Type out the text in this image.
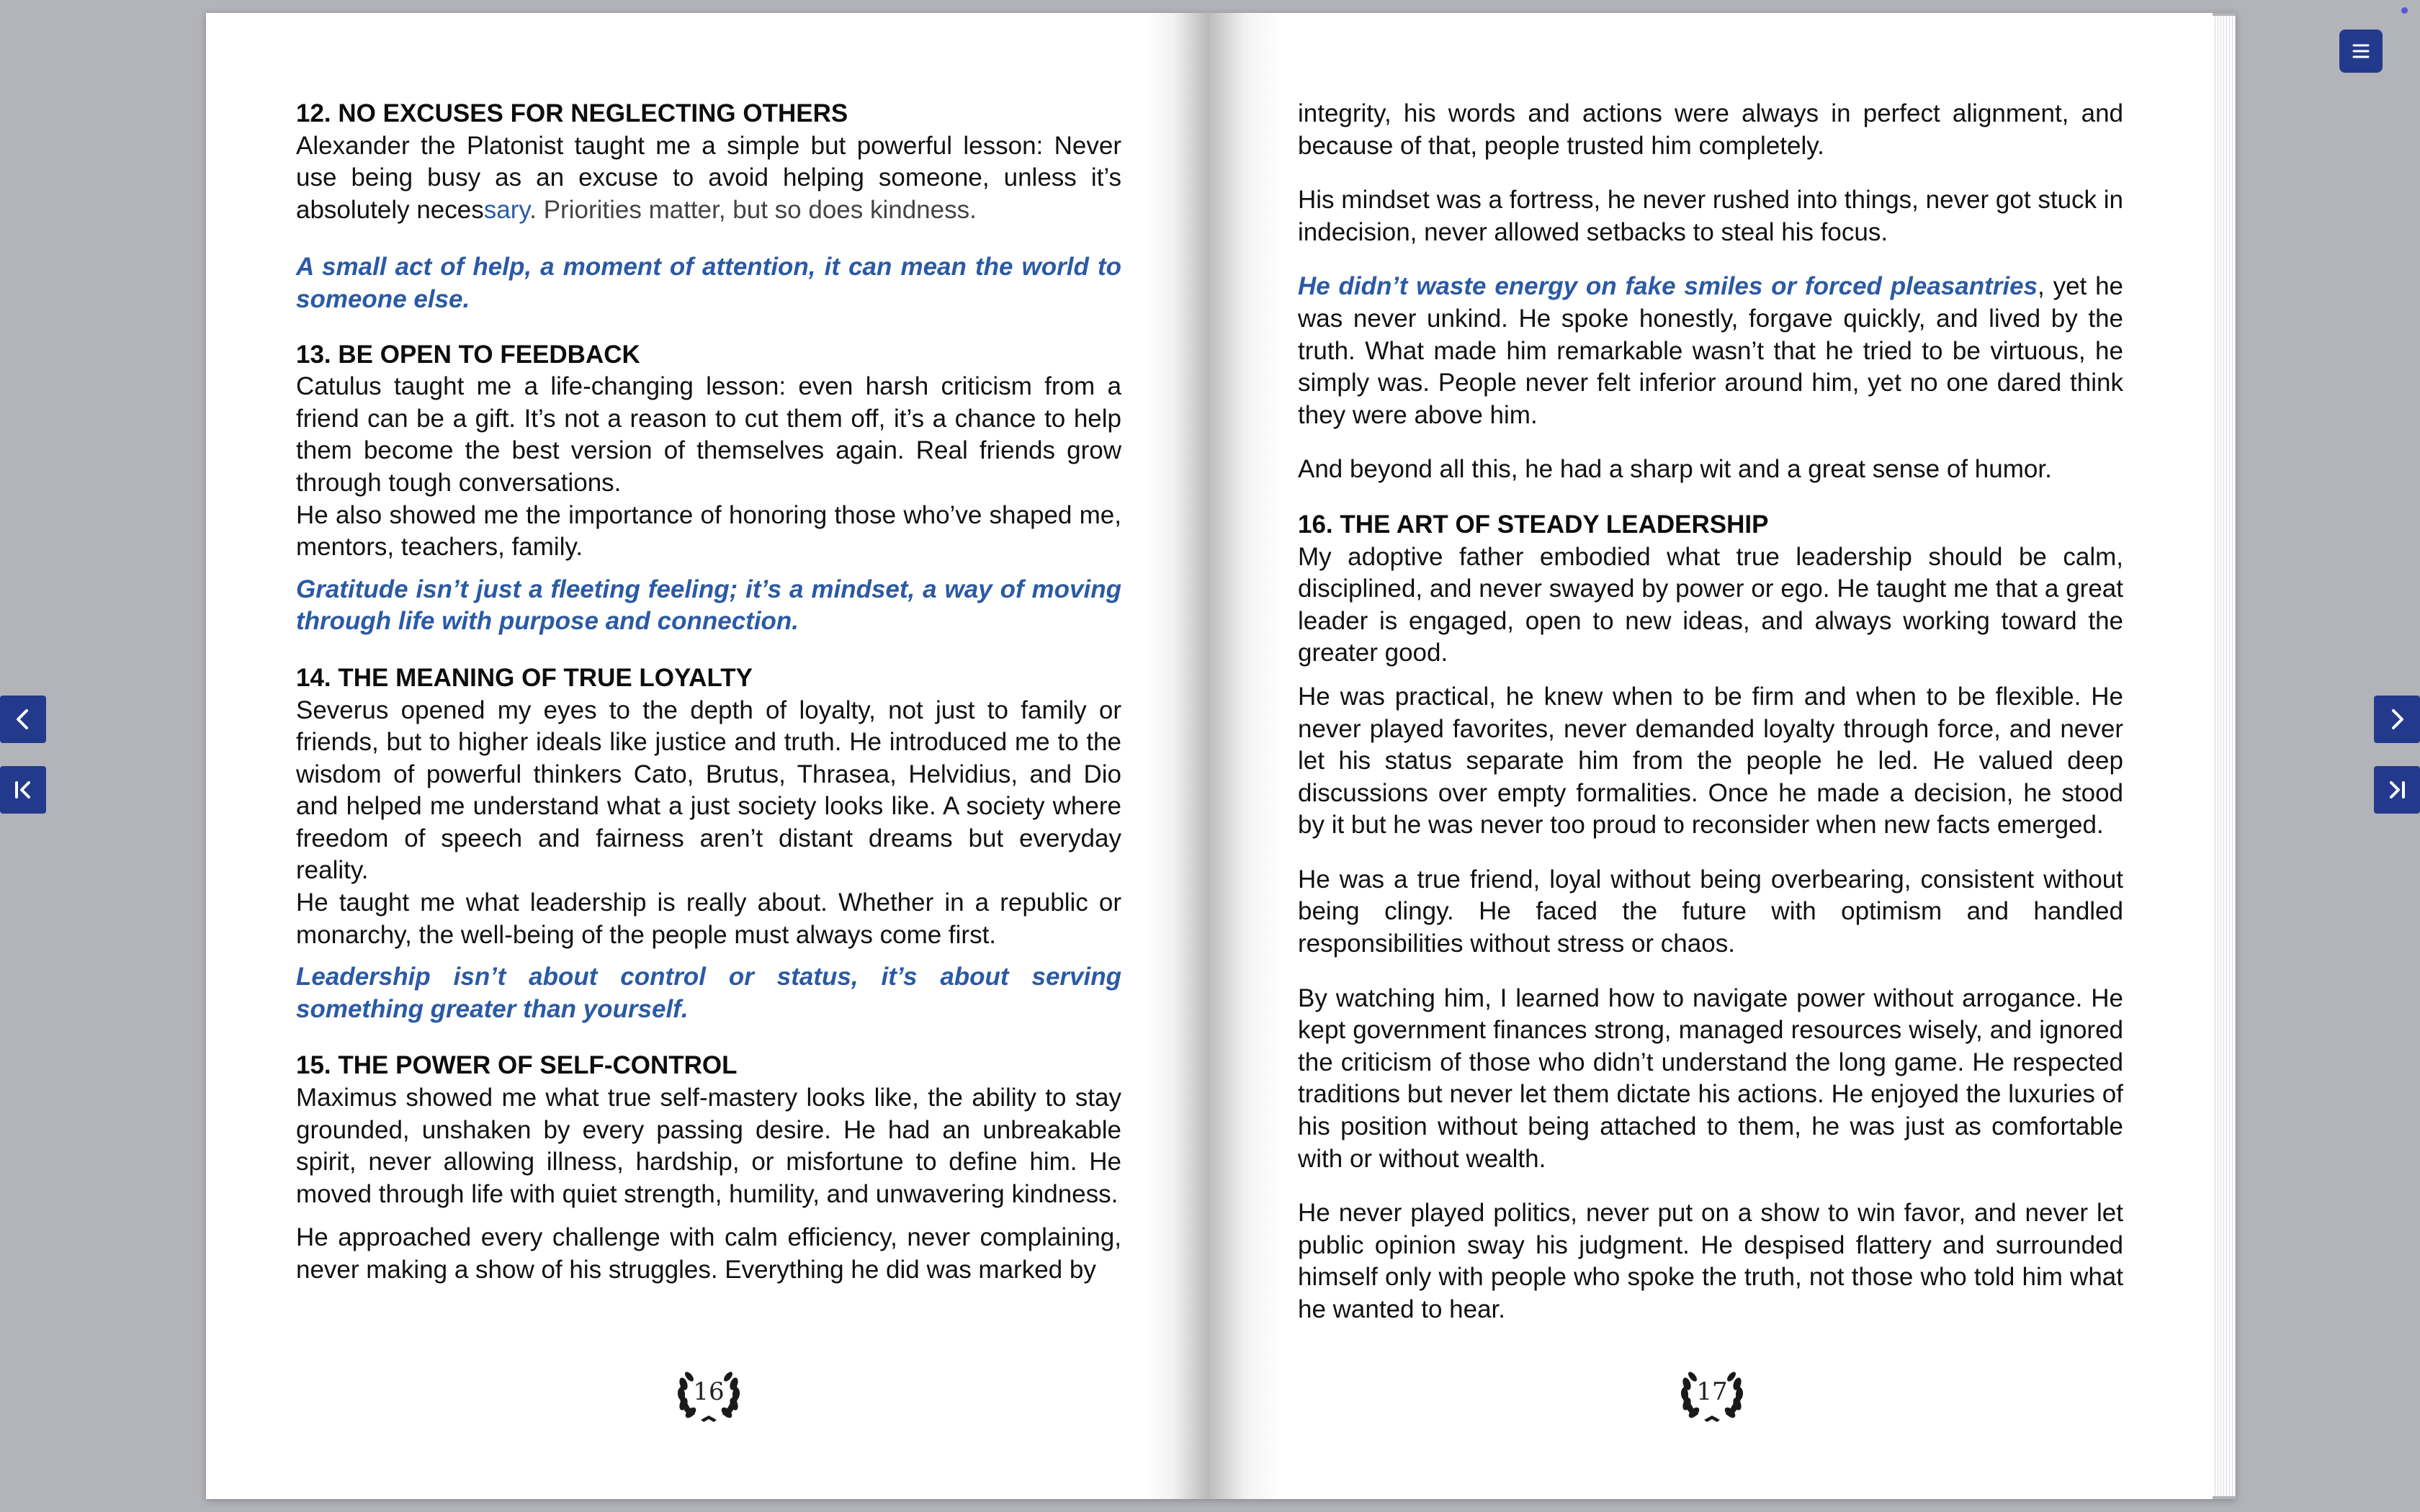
12. NO EXCUSES FOR NEGLECTING OTHERS

Alexander the Platonist taught me a simple but powerful lesson: Never use being busy as an excuse to avoid helping someone, unless it’s absolutely necessary. Priorities matter, but so does kindness.

A small act of help, a moment of attention, it can mean the world to someone else.

13. BE OPEN TO FEEDBACK

Catulus taught me a life-changing lesson: even harsh criticism from a friend can be a gift. It’s not a reason to cut them off, it’s a chance to help them become the best version of themselves again. Real friends grow through tough conversations.

He also showed me the importance of honoring those who’ve shaped me, mentors, teachers, family.

Gratitude isn’t just a fleeting feeling; it’s a mindset, a way of moving through life with purpose and connection.

14. THE MEANING OF TRUE LOYALTY

Severus opened my eyes to the depth of loyalty, not just to family or friends, but to higher ideals like justice and truth. He introduced me to the wisdom of powerful thinkers Cato, Brutus, Thrasea, Helvidius, and Dio and helped me understand what a just society looks like. A society where freedom of speech and fairness aren’t distant dreams but everyday reality.

He taught me what leadership is really about. Whether in a republic or monarchy, the well-being of the people must always come first.

Leadership isn’t about control or status, it’s about serving something greater than yourself.

15. THE POWER OF SELF-CONTROL

Maximus showed me what true self-mastery looks like, the ability to stay grounded, unshaken by every passing desire. He had an unbreakable spirit, never allowing illness, hardship, or misfortune to define him. He moved through life with quiet strength, humility, and unwavering kindness.

He approached every challenge with calm efficiency, never complaining, never making a show of his struggles. Everything he did was marked by

16

integrity, his words and actions were always in perfect alignment, and because of that, people trusted him completely.

His mindset was a fortress, he never rushed into things, never got stuck in indecision, never allowed setbacks to steal his focus.

He didn’t waste energy on fake smiles or forced pleasantries, yet he was never unkind. He spoke honestly, forgave quickly, and lived by the truth. What made him remarkable wasn’t that he tried to be virtuous, he simply was. People never felt inferior around him, yet no one dared think they were above him.

And beyond all this, he had a sharp wit and a great sense of humor.

16. THE ART OF STEADY LEADERSHIP

My adoptive father embodied what true leadership should be calm, disciplined, and never swayed by power or ego. He taught me that a great leader is engaged, open to new ideas, and always working toward the greater good.

He was practical, he knew when to be firm and when to be flexible. He never played favorites, never demanded loyalty through force, and never let his status separate him from the people he led. He valued deep discussions over empty formalities. Once he made a decision, he stood by it but he was never too proud to reconsider when new facts emerged.

He was a true friend, loyal without being overbearing, consistent without being clingy. He faced the future with optimism and handled responsibilities without stress or chaos.

By watching him, I learned how to navigate power without arrogance. He kept government finances strong, managed resources wisely, and ignored the criticism of those who didn’t understand the long game. He respected traditions but never let them dictate his actions. He enjoyed the luxuries of his position without being attached to them, he was just as comfortable with or without wealth.

He never played politics, never put on a show to win favor, and never let public opinion sway his judgment. He despised flattery and surrounded himself only with people who spoke the truth, not those who told him what he wanted to hear.

17
